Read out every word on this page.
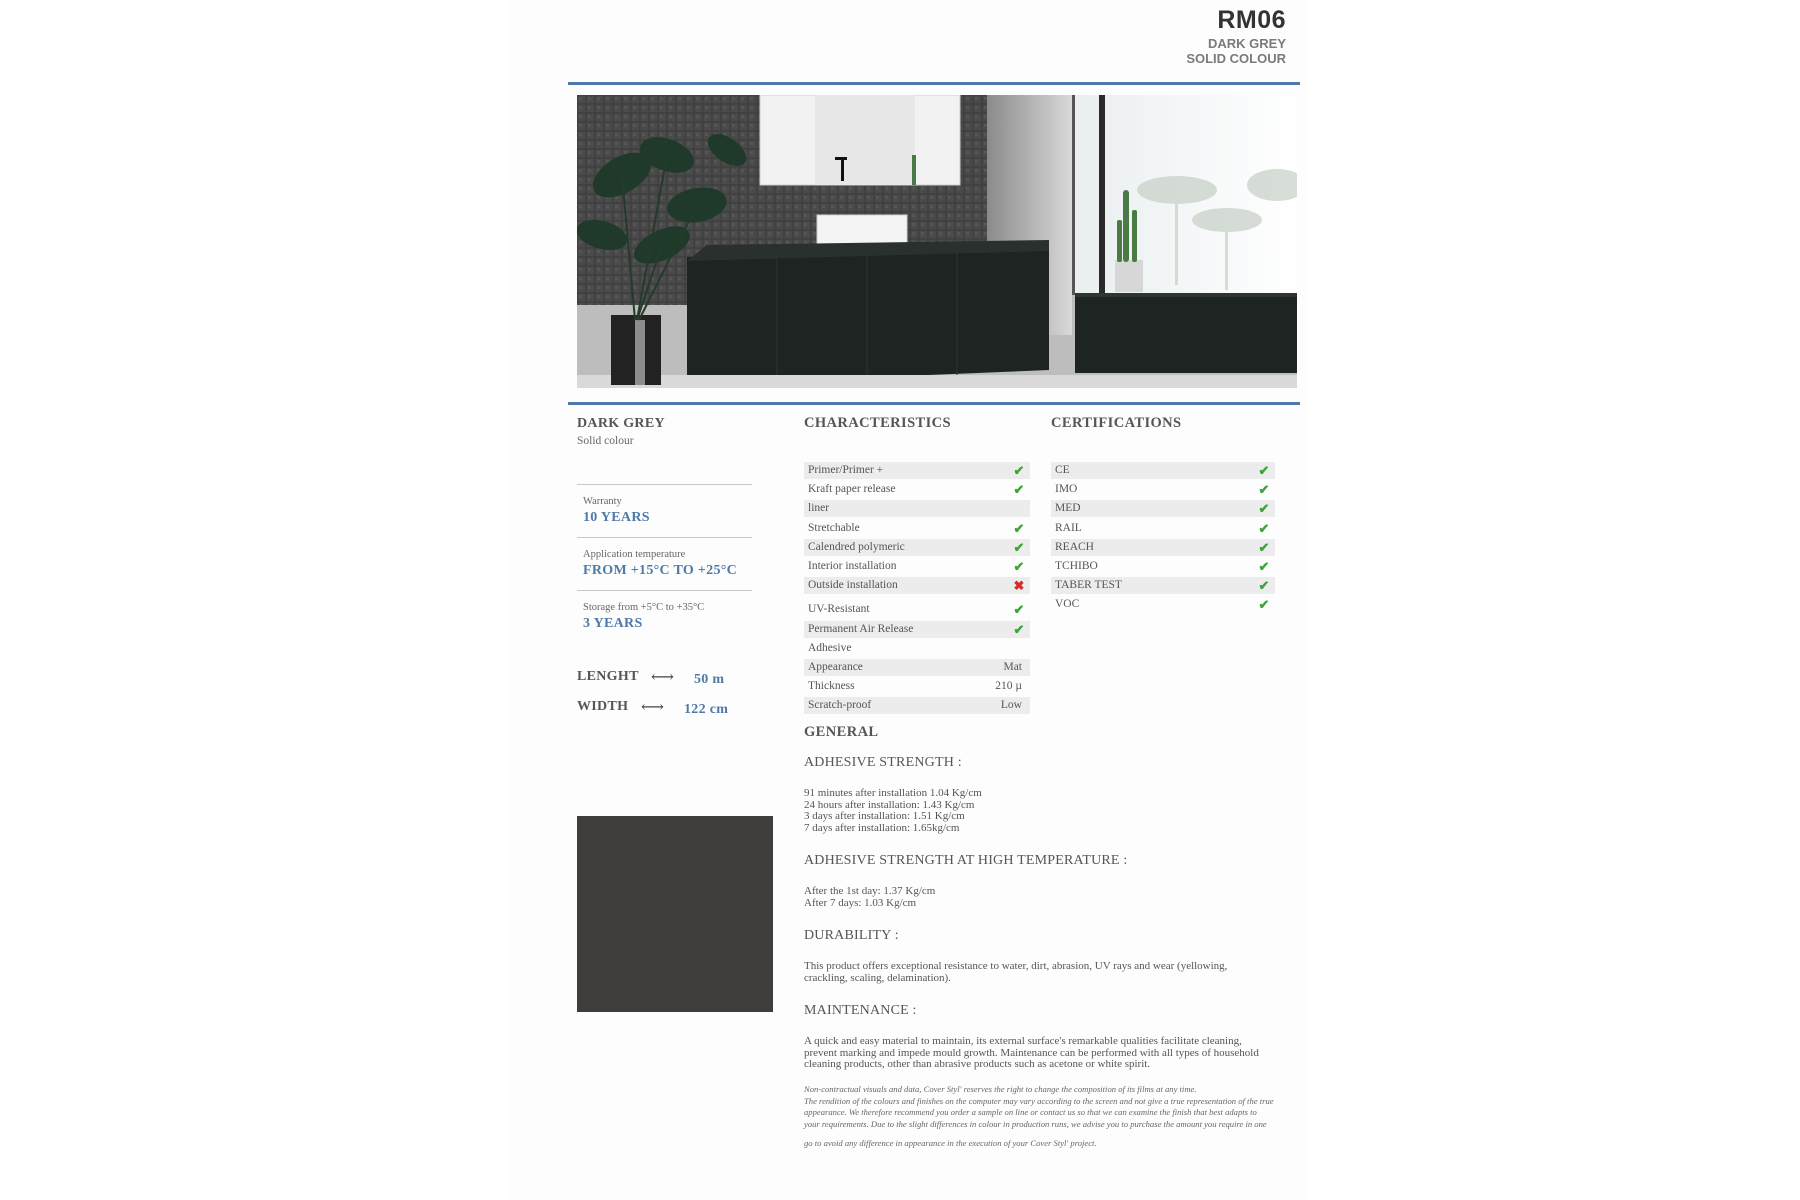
RM06
DARK GREY
SOLID COLOUR
DARK GREY
Solid colour
Warranty
10 YEARS
Application temperature
FROM +15°C TO +25°C
Storage from +5°C to +35°C
3 YEARS
LENGHT ⟷ 50 m
WIDTH ⟷ 122 cm
CHARACTERISTICS
Primer/Primer +	✔
Kraft paper release	✔
liner
Stretchable	✔
Calendred polymeric	✔
Interior installation	✔
Outside installation	✖
UV-Resistant	✔
Permanent Air Release	✔
Adhesive
Appearance	Mat
Thickness	210 µ
Scratch-proof	Low
CERTIFICATIONS
CE	✔
IMO	✔
MED	✔
RAIL	✔
REACH	✔
TCHIBO	✔
TABER TEST	✔
VOC	✔
GENERAL
ADHESIVE STRENGTH :
91 minutes after installation 1.04 Kg/cm
24 hours after installation: 1.43 Kg/cm
3 days after installation: 1.51 Kg/cm
7 days after installation: 1.65kg/cm
ADHESIVE STRENGTH AT HIGH TEMPERATURE :
After the 1st day: 1.37 Kg/cm
After 7 days: 1.03 Kg/cm
DURABILITY :
This product offers exceptional resistance to water, dirt, abrasion, UV rays and wear (yellowing,
crackling, scaling, delamination).
MAINTENANCE :
A quick and easy material to maintain, its external surface's remarkable qualities facilitate cleaning,
prevent marking and impede mould growth. Maintenance can be performed with all types of household
cleaning products, other than abrasive products such as acetone or white spirit.
Non-contractual visuals and data, Cover Styl' reserves the right to change the composition of its films at any time.
The rendition of the colours and finishes on the computer may vary according to the screen and not give a true representation of the true
appearance. We therefore recommend you order a sample on line or contact us so that we can examine the finish that best adapts to
your requirements. Due to the slight differences in colour in production runs, we advise you to purchase the amount you require in one
go to avoid any difference in appearance in the execution of your Cover Styl' project.
